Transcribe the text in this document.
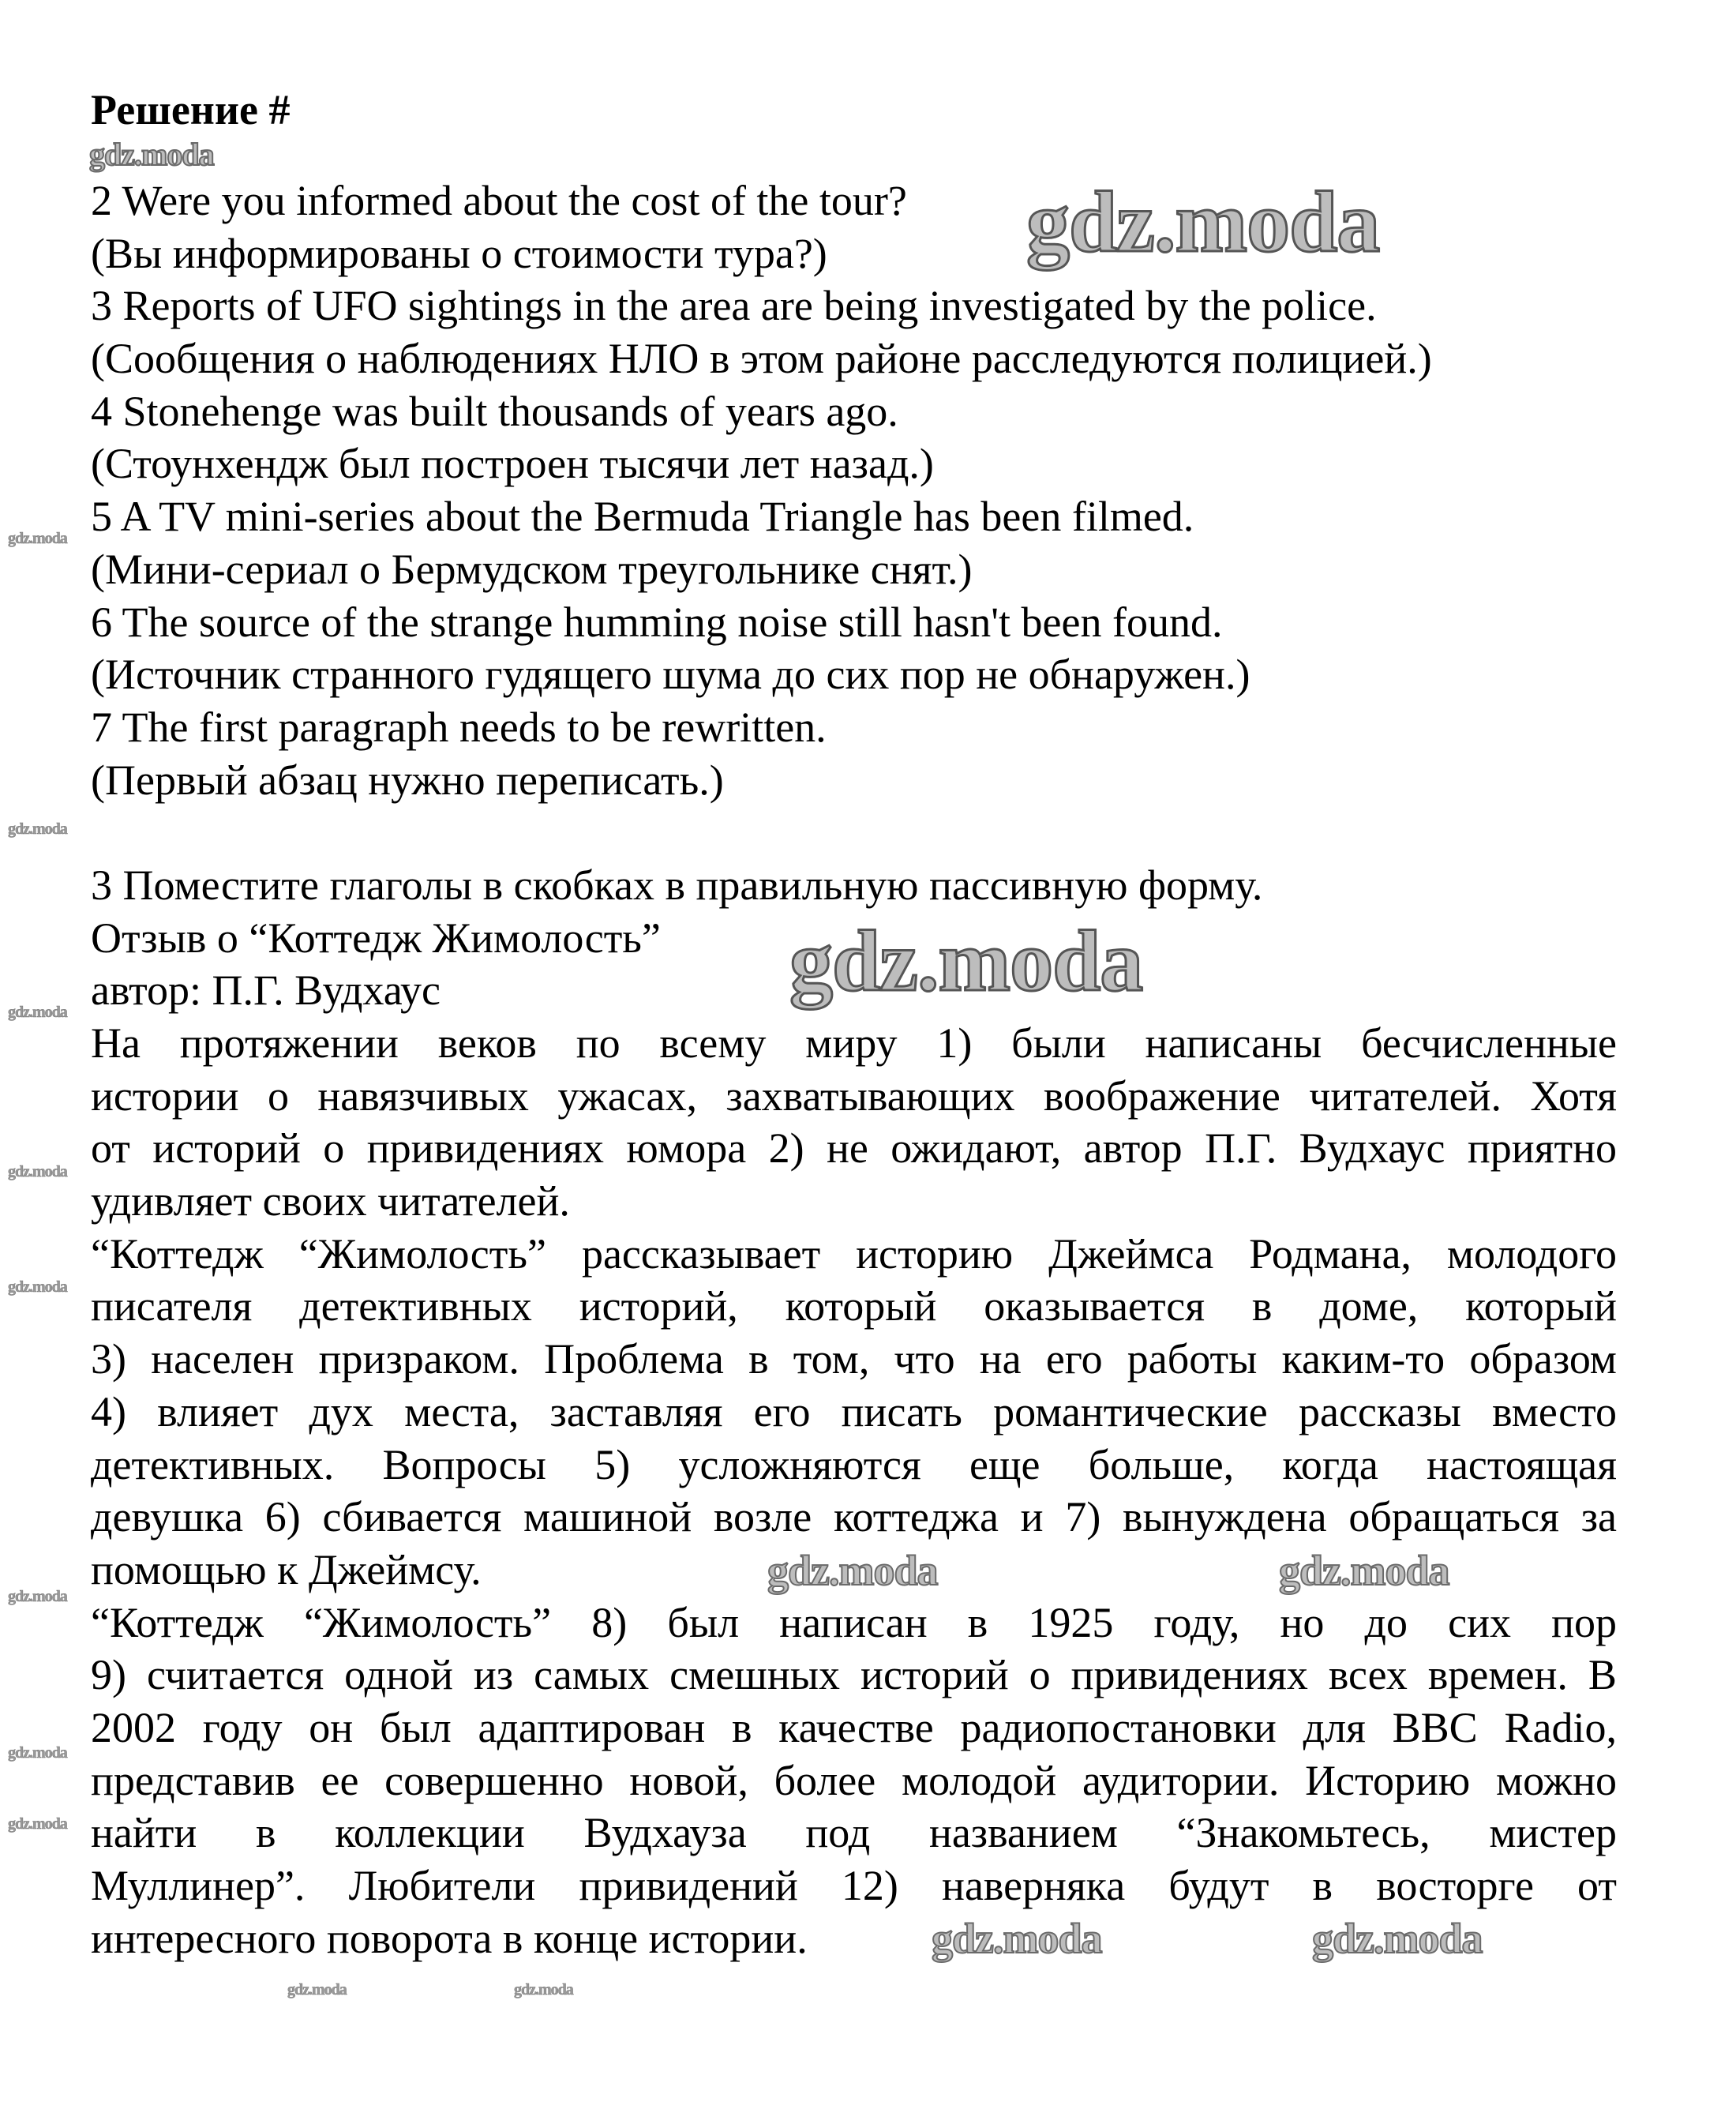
Решение #
2 Were you informed about the cost of the tour?
(Вы информированы о стоимости тура?)
3 Reports of UFO sightings in the area are being investigated by the police.
(Сообщения о наблюдениях НЛО в этом районе расследуются полицией.)
4 Stonehenge was built thousands of years ago.
(Стоунхендж был построен тысячи лет назад.)
5 A TV mini-series about the Bermuda Triangle has been filmed.
(Мини-сериал о Бермудском треугольнике снят.)
6 The source of the strange humming noise still hasn't been found.
(Источник странного гудящего шума до сих пор не обнаружен.)
7 The first paragraph needs to be rewritten.
(Первый абзац нужно переписать.)
3 Поместите глаголы в скобках в правильную пассивную форму.
Отзыв о “Коттедж Жимолость”
автор: П.Г. Вудхаус
На протяжении веков по всему миру 1) были написаны бесчисленные
истории о навязчивых ужасах, захватывающих воображение читателей. Хотя
от историй о привидениях юмора 2) не ожидают, автор П.Г. Вудхаус приятно
удивляет своих читателей.
“Коттедж “Жимолость” рассказывает историю Джеймса Родмана, молодого
писателя детективных историй, который оказывается в доме, который
3) населен призраком. Проблема в том, что на его работы каким-то образом
4) влияет дух места, заставляя его писать романтические рассказы вместо
детективных. Вопросы 5) усложняются еще больше, когда настоящая
девушка 6) сбивается машиной возле коттеджа и 7) вынуждена обращаться за
помощью к Джеймсу.
“Коттедж “Жимолость” 8) был написан в 1925 году, но до сих пор
9) считается одной из самых смешных историй о привидениях всех времен. В
2002 году он был адаптирован в качестве радиопостановки для BBC Radio,
представив ее совершенно новой, более молодой аудитории. Историю можно
найти в коллекции Вудхауза под названием “Знакомьтесь, мистер
Муллинер”. Любители привидений 12) наверняка будут в восторге от
интересного поворота в конце истории.
gdz.moda
gdz.moda
gdz.moda
gdz.moda	gdz.moda
gdz.moda	gdz.moda
gdz.moda
gdz.moda
gdz.moda
gdz.moda
gdz.moda
gdz.moda
gdz.moda
gdz.moda
gdz.moda	gdz.moda
